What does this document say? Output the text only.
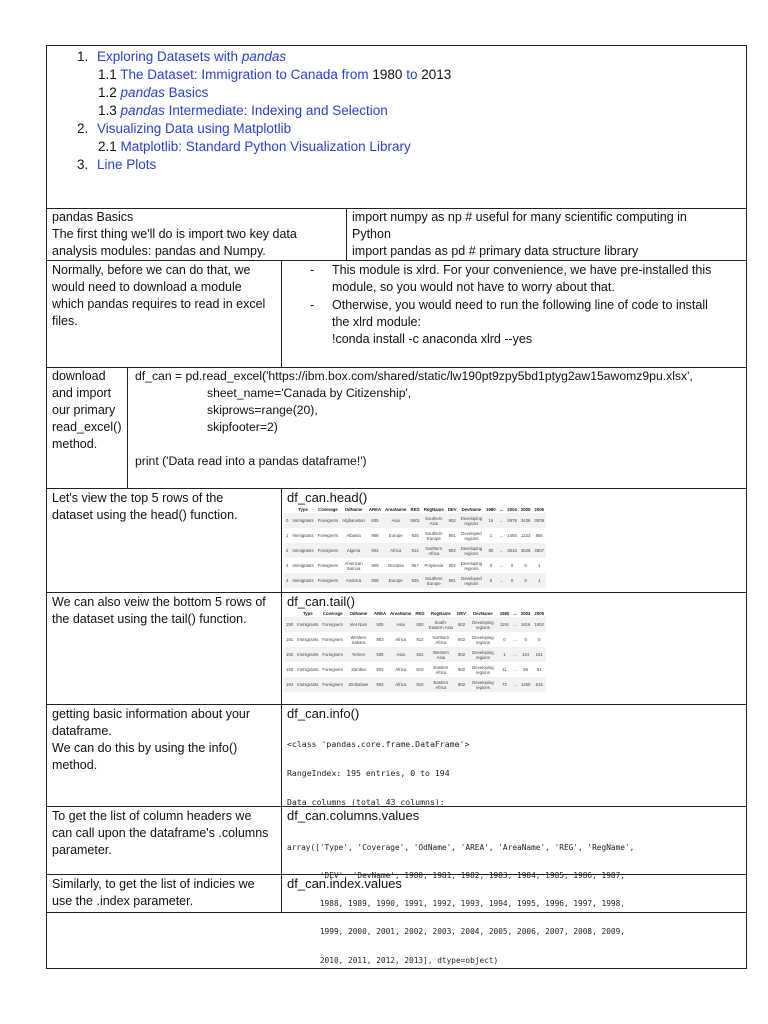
1. Exploring Datasets with pandas
1.1 The Dataset: Immigration to Canada from 1980 to 2013
1.2 pandas Basics
1.3 pandas Intermediate: Indexing and Selection
2. Visualizing Data using Matplotlib
2.1 Matplotlib: Standard Python Visualization Library
3. Line Plots
pandas Basics
The first thing we'll do is import two key data
analysis modules: pandas and Numpy.
import numpy as np # useful for many scientific computing in
Python
import pandas as pd # primary data structure library
Normally, before we can do that, we
would need to download a module
which pandas requires to read in excel
files.
- This module is xlrd. For your convenience, we have pre-installed this
module, so you would not have to worry about that.
- Otherwise, you would need to run the following line of code to install
the xlrd module:
!conda install -c anaconda xlrd --yes
download
and import
our primary
read_excel()
method.
df_can = pd.read_excel('https://ibm.box.com/shared/static/lw190pt9zpy5bd1ptyg2aw15awomz9pu.xlsx',
sheet_name='Canada by Citizenship',
skiprows=range(20),
skipfooter=2)
print ('Data read into a pandas dataframe!')
Let's view the top 5 rows of the
dataset using the head() function.
df_can.head()
	Type	Coverage	OdName	AREA	AreaName	REG	RegName	DEV	DevName	1980	...	2004	2005	2006
0	Immigrants	Foreigners	Afghanistan	935	Asia	5501	Southern Asia	902	Developing regions	16	...	2978	3436	3009
1	Immigrants	Foreigners	Albania	908	Europe	925	Southern Europe	901	Developed regions	1	...	1450	1223	856
2	Immigrants	Foreigners	Algeria	903	Africa	912	Northern Africa	902	Developing regions	80	...	3616	3626	4807
3	Immigrants	Foreigners	American Samoa	909	Oceania	957	Polynesia	902	Developing regions	0	...	0	0	1
4	Immigrants	Foreigners	Andorra	908	Europe	925	Southern Europe	901	Developed regions	0	...	0	0	1
We can also veiw the bottom 5 rows of
the dataset using the tail() function.
df_can.tail()
	Type	Coverage	OdName	AREA	AreaName	REG	RegName	DEV	DevName	1980	...	2004	2005
190	Immigrants	Foreigners	Viet Nam	935	Asia	920	South-Eastern Asia	902	Developing regions	1191	...	1816	1852
191	Immigrants	Foreigners	Western Sahara	903	Africa	912	Northern Africa	902	Developing regions	0	...	0	0
192	Immigrants	Foreigners	Yemen	935	Asia	922	Western Asia	902	Developing regions	1	...	124	161
193	Immigrants	Foreigners	Zambia	903	Africa	910	Eastern Africa	902	Developing regions	11	...	56	91
194	Immigrants	Foreigners	Zimbabwe	903	Africa	910	Eastern Africa	902	Developing regions	72	...	1450	615
getting basic information about your
dataframe.
We can do this by using the info()
method.
df_can.info()

<class 'pandas.core.frame.DataFrame'>

RangeIndex: 195 entries, 0 to 194

Data columns (total 43 columns):

To get the list of column headers we
can call upon the dataframe's .columns
parameter.
df_can.columns.values

array(['Type', 'Coverage', 'OdName', 'AREA', 'AreaName', 'REG', 'RegName',

'DEV', 'DevName', 1980, 1981, 1982, 1983, 1984, 1985, 1986, 1987,

1988, 1989, 1990, 1991, 1992, 1993, 1994, 1995, 1996, 1997, 1998,

1999, 2000, 2001, 2002, 2003, 2004, 2005, 2006, 2007, 2008, 2009,

2010, 2011, 2012, 2013], dtype=object)

Similarly, to get the list of indicies we
use the .index parameter.
df_can.index.values
